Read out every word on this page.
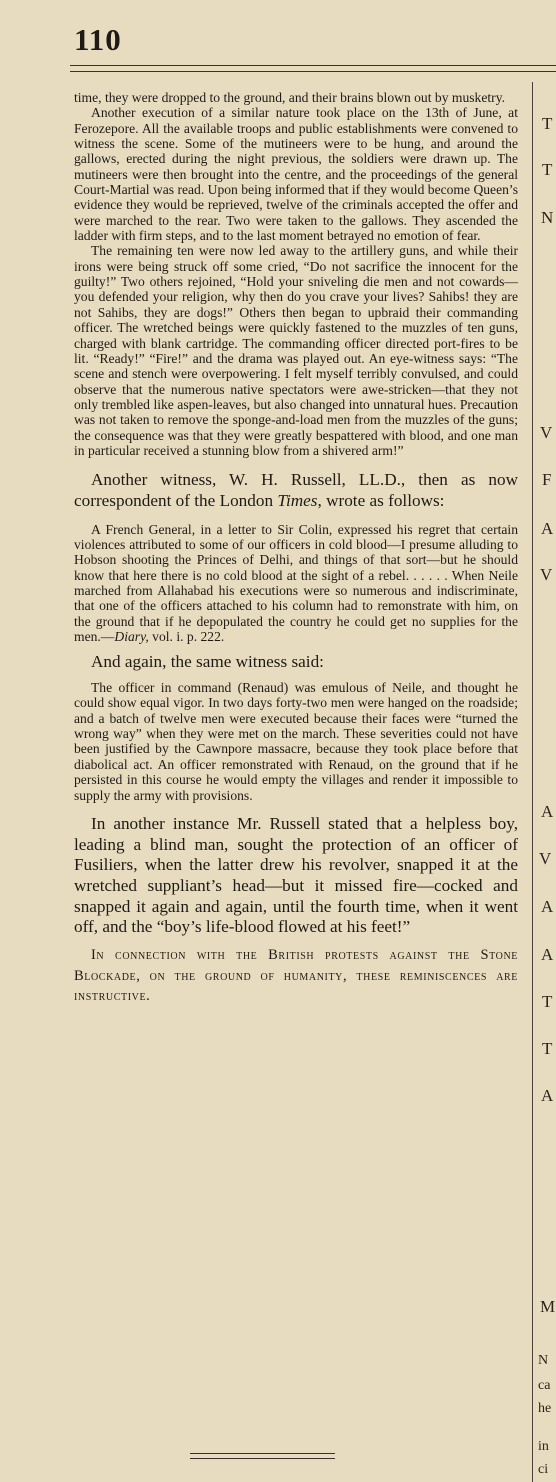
110

time, they were dropped to the ground, and their brains blown out by musketry.

Another execution of a similar nature took place on the 13th of June, at Ferozepore. All the available troops and public establishments were convened to witness the scene. Some of the mutineers were to be hung, and around the gallows, erected during the night previous, the soldiers were drawn up. The mutineers were then brought into the centre, and the proceedings of the general Court-Martial was read. Upon being informed that if they would become Queen’s evidence they would be reprieved, twelve of the criminals accepted the offer and were marched to the rear. Two were taken to the gallows. They ascended the ladder with firm steps, and to the last moment betrayed no emotion of fear.

The remaining ten were now led away to the artillery guns, and while their irons were being struck off some cried, “Do not sacrifice the innocent for the guilty!” Two others rejoined, “Hold your sniveling die men and not cowards—you defended your religion, why then do you crave your lives? Sahibs! they are not Sahibs, they are dogs!” Others then began to upbraid their commanding officer. The wretched beings were quickly fastened to the muzzles of ten guns, charged with blank cartridge. The commanding officer directed port-fires to be lit. “Ready!” “Fire!” and the drama was played out. An eye-witness says: “The scene and stench were overpowering. I felt myself terribly convulsed, and could observe that the numerous native spectators were awe-stricken—that they not only trembled like aspen-leaves, but also changed into unnatural hues. Precaution was not taken to remove the sponge-and-load men from the muzzles of the guns; the consequence was that they were greatly bespattered with blood, and one man in particular received a stunning blow from a shivered arm!”

Another witness, W. H. Russell, LL.D., then as now correspondent of the London Times, wrote as follows:

A French General, in a letter to Sir Colin, expressed his regret that certain violences attributed to some of our officers in cold blood—I presume alluding to Hobson shooting the Princes of Delhi, and things of that sort—but he should know that here there is no cold blood at the sight of a rebel. . . . . . When Neile marched from Allahabad his executions were so numerous and indiscriminate, that one of the officers attached to his column had to remonstrate with him, on the ground that if he depopulated the country he could get no supplies for the men.—Diary, vol. i. p. 222.

And again, the same witness said:

The officer in command (Renaud) was emulous of Neile, and thought he could show equal vigor. In two days forty-two men were hanged on the roadside; and a batch of twelve men were executed because their faces were “turned the wrong way” when they were met on the march. These severities could not have been justified by the Cawnpore massacre, because they took place before that diabolical act. An officer remonstrated with Renaud, on the ground that if he persisted in this course he would empty the villages and render it impossible to supply the army with provisions.

In another instance Mr. Russell stated that a helpless boy, leading a blind man, sought the protection of an officer of Fusiliers, when the latter drew his revolver, snapped it at the wretched suppliant’s head—but it missed fire—cocked and snapped it again and again, until the fourth time, when it went off, and the “boy’s life-blood flowed at his feet!”

In connection with the British protests against the Stone Blockade, on the ground of humanity, these reminiscences are instructive.

T
T
N
V
F
A
V
A
V
A
A
T
T
A
M
N
ca
he
in
ci
